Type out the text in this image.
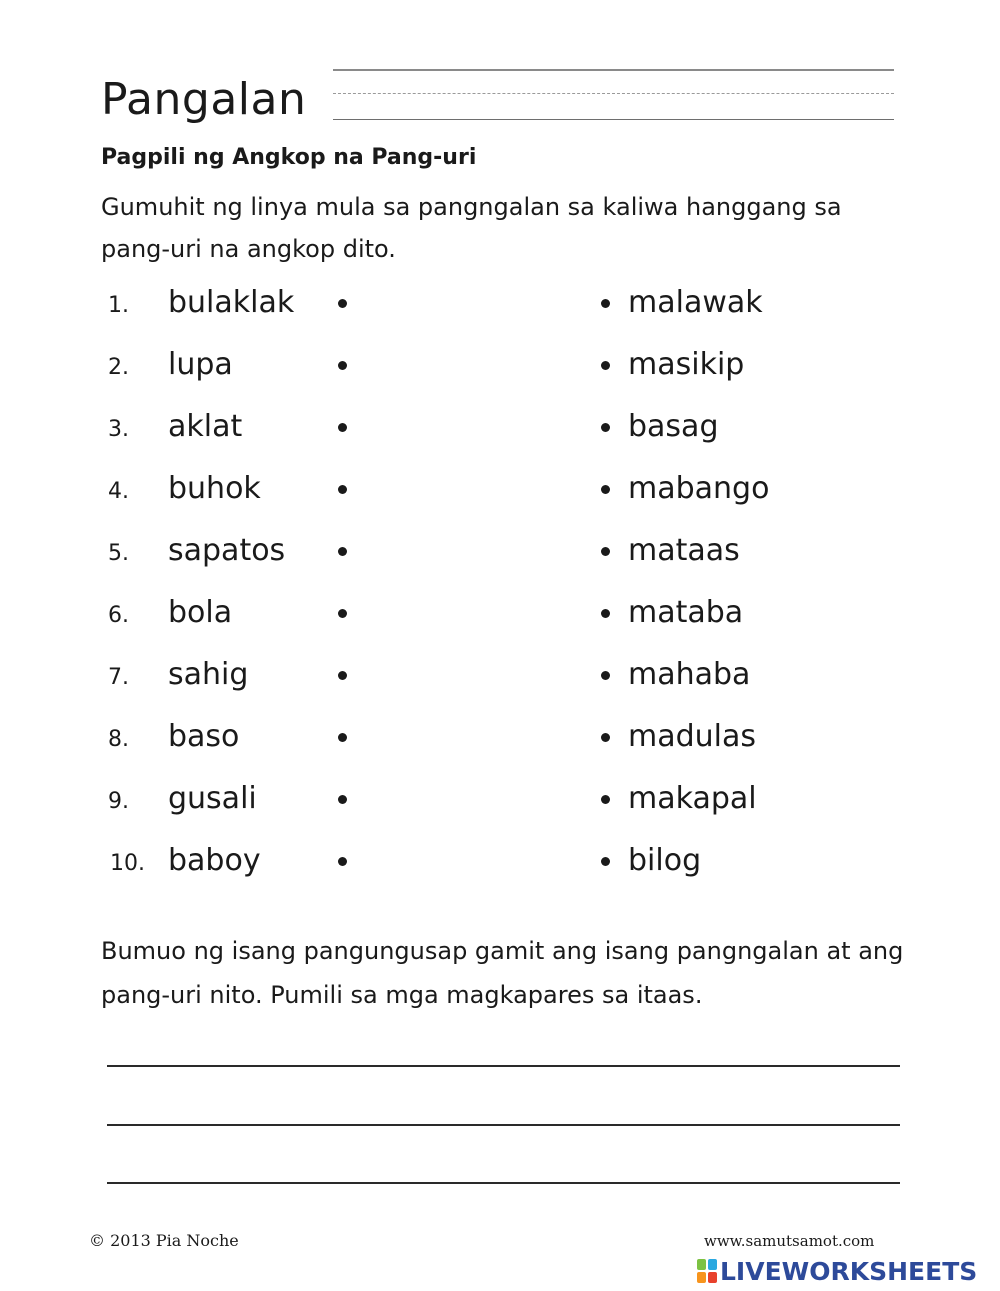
Pangalan
Pagpili ng Angkop na Pang-uri
Gumuhit ng linya mula sa pangngalan sa kaliwa hanggang sa pang-uri na angkop dito.
1. bulaklak	malawak
2. lupa	masikip
3. aklat	basag
4. buhok	mabango
5. sapatos	mataas
6. bola	mataba
7. sahig	mahaba
8. baso	madulas
9. gusali	makapal
10. baboy	bilog
Bumuo ng isang pangungusap gamit ang isang pangngalan at ang pang-uri nito. Pumili sa mga magkapares sa itaas.
© 2013 Pia Noche	www.samutsamot.com
LIVEWORKSHEETS
